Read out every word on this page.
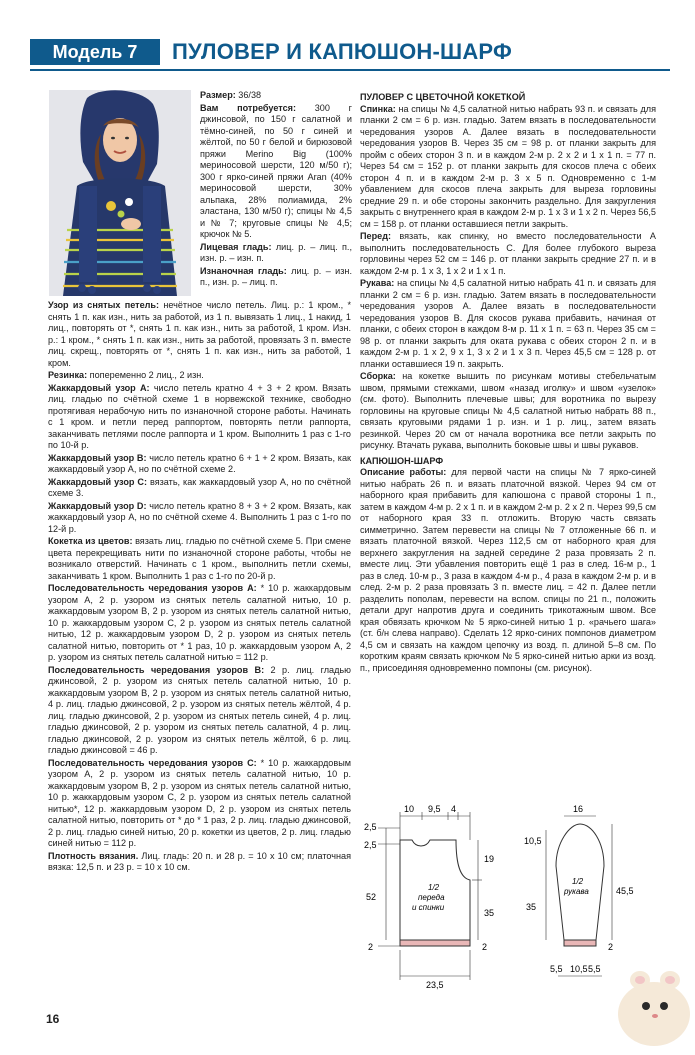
Модель 7	ПУЛОВЕР И КАПЮШОН-ШАРФ

Размер: 36/38

Вам потребуется: 300 г джинсовой, по 150 г салатной и тёмно-синей, по 50 г синей и жёлтой, по 50 г белой и бирюзовой пряжи Merino Big (100% мериносовой шерсти, 120 м/50 г); 300 г ярко-синей пряжи Aran (40% мериносовой шерсти, 30% альпака, 28% полиамида, 2% эластана, 130 м/50 г); спицы № 4,5 и № 7; круговые спицы № 4,5; крючок № 5.

Лицевая гладь: лиц. р. – лиц. п., изн. р. – изн. п.

Изнаночная гладь: лиц. р. – изн. п., изн. р. – лиц. п.

Узор из снятых петель: нечётное число петель. Лиц. р.: 1 кром., * снять 1 п. как изн., нить за работой, из 1 п. вывязать 1 лиц., 1 накид, 1 лиц., повторять от *, снять 1 п. как изн., нить за работой, 1 кром. Изн. р.: 1 кром., * снять 1 п. как изн., нить за работой, провязать 3 п. вместе лиц. скрещ., повторять от *, снять 1 п. как изн., нить за работой, 1 кром.

Резинка: попеременно 2 лиц., 2 изн.

Жаккардовый узор A: число петель кратно 4 + 3 + 2 кром. Вязать лиц. гладью по счётной схеме 1 в норвежской технике, свободно протягивая нерабочую нить по изнаночной стороне работы. Начинать с 1 кром. и петли перед раппортом, повторять петли раппорта, заканчивать петлями после раппорта и 1 кром. Выполнить 1 раз с 1-го по 10-й р.

Жаккардовый узор B: число петель кратно 6 + 1 + 2 кром. Вязать, как жаккардовый узор A, но по счётной схеме 2.

Жаккардовый узор C: вязать, как жаккардовый узор A, но по счётной схеме 3.

Жаккардовый узор D: число петель кратно 8 + 3 + 2 кром. Вязать, как жаккардовый узор A, но по счётной схеме 4. Выполнить 1 раз с 1-го по 12-й р.

Кокетка из цветов: вязать лиц. гладью по счётной схеме 5. При смене цвета перекрещивать нити по изнаночной стороне работы, чтобы не возникало отверстий. Начинать с 1 кром., выполнить петли схемы, заканчивать 1 кром. Выполнить 1 раз с 1-го по 20-й р.

Последовательность чередования узоров A: * 10 р. жаккардовым узором A, 2 р. узором из снятых петель салатной нитью, 10 р. жаккардовым узором B, 2 р. узором из снятых петель салатной нитью, 10 р. жаккардовым узором C, 2 р. узором из снятых петель салатной нитью, 12 р. жаккардовым узором D, 2 р. узором из снятых петель салатной нитью, повторить от * 1 раз, 10 р. жаккардовым узором A, 2 р. узором из снятых петель салатной нитью = 112 р.

Последовательность чередования узоров B: 2 р. лиц. гладью джинсовой, 2 р. узором из снятых петель салатной нитью, 10 р. жаккардовым узором B, 2 р. узором из снятых петель салатной нитью, 4 р. лиц. гладью джинсовой, 2 р. узором из снятых петель жёлтой, 4 р. лиц. гладью джинсовой, 2 р. узором из снятых петель синей, 4 р. лиц. гладью джинсовой, 2 р. узором из снятых петель салатной, 4 р. лиц. гладью джинсовой, 2 р. узором из снятых петель жёлтой, 6 р. лиц. гладью джинсовой = 46 р.

Последовательность чередования узоров C: * 10 р. жаккардовым узором A, 2 р. узором из снятых петель салатной нитью, 10 р. жаккардовым узором B, 2 р. узором из снятых петель салатной нитью, 10 р. жаккардовым узором C, 2 р. узором из снятых петель салатной нитью*, 12 р. жаккардовым узором D, 2 р. узором из снятых петель салатной нитью, повторить от * до * 1 раз, 2 р. лиц. гладью джинсовой, 2 р. лиц. гладью синей нитью, 20 р. кокетки из цветов, 2 р. лиц. гладью синей нитью = 112 р.

Плотность вязания. Лиц. гладь: 20 п. и 28 р. = 10 х 10 см; платочная вязка: 12,5 п. и 23 р. = 10 х 10 см.

ПУЛОВЕР С ЦВЕТОЧНОЙ КОКЕТКОЙ

Спинка: на спицы № 4,5 салатной нитью набрать 93 п. и связать для планки 2 см = 6 р. изн. гладью. Затем вязать в последовательности чередования узоров A. Далее вязать в последовательности чередования узоров B. Через 35 см = 98 р. от планки закрыть для пройм с обеих сторон 3 п. и в каждом 2-м р. 2 х 2 и 1 х 1 п. = 77 п. Через 54 см = 152 р. от планки закрыть для скосов плеча с обеих сторон 4 п. и в каждом 2-м р. 3 х 5 п. Одновременно с 1-м убавлением для скосов плеча закрыть для выреза горловины средние 29 п. и обе стороны закончить раздельно. Для закругления закрыть с внутреннего края в каждом 2-м р. 1 х 3 и 1 х 2 п. Через 56,5 см = 158 р. от планки оставшиеся петли закрыть.

Перед: вязать, как спинку, но вместо последовательности A выполнить последовательность C. Для более глубокого выреза горловины через 52 см = 146 р. от планки закрыть средние 27 п. и в каждом 2-м р. 1 х 3, 1 х 2 и 1 х 1 п.

Рукава: на спицы № 4,5 салатной нитью набрать 41 п. и связать для планки 2 см = 6 р. изн. гладью. Затем вязать в последовательности чередования узоров A. Далее вязать в последовательности чередования узоров B. Для скосов рукава прибавить, начиная от планки, с обеих сторон в каждом 8-м р. 11 х 1 п. = 63 п. Через 35 см = 98 р. от планки закрыть для оката рукава с обеих сторон 2 п. и в каждом 2-м р. 1 х 2, 9 х 1, 3 х 2 и 1 х 3 п. Через 45,5 см = 128 р. от планки оставшиеся 19 п. закрыть.

Сборка: на кокетке вышить по рисункам мотивы стебельчатым швом, прямыми стежками, швом «назад иголку» и швом «узелок» (см. фото). Выполнить плечевые швы; для воротника по вырезу горловины на круговые спицы № 4,5 салатной нитью набрать 88 п., связать круговыми рядами 1 р. изн. и 1 р. лиц., затем вязать резинкой. Через 20 см от начала воротника все петли закрыть по рисунку. Втачать рукава, выполнить боковые швы и швы рукавов.

КАПЮШОН-ШАРФ

Описание работы: для первой части на спицы № 7 ярко-синей нитью набрать 26 п. и вязать платочной вязкой. Через 94 см от наборного края прибавить для капюшона с правой стороны 1 п., затем в каждом 4-м р. 2 х 1 п. и в каждом 2-м р. 2 х 2 п. Через 99,5 см от наборного края 33 п. отложить. Вторую часть связать симметрично. Затем перевести на спицы № 7 отложенные 66 п. и вязать платочной вязкой. Через 112,5 см от наборного края для верхнего закругления на задней середине 2 раза провязать 2 п. вместе лиц. Эти убавления повторить ещё 1 раз в след. 16-м р., 1 раз в след. 10-м р., 3 раза в каждом 4-м р., 4 раза в каждом 2-м р. и в след. 2-м р. 2 раза провязать 3 п. вместе лиц. = 42 п. Далее петли разделить пополам, перевести на вспом. спицы по 21 п., положить детали друг напротив друга и соединить трикотажным швом. Все края обвязать крючком № 5 ярко-синей нитью 1 р. «рачьего шага» (ст. б/н слева направо). Сделать 12 ярко-синих помпонов диаметром 4,5 см и связать на каждом цепочку из возд. п. длиной 5–8 см. По коротким краям связать крючком № 5 ярко-синей нитью арки из возд. п., присоединяя одновременно помпоны (см. рисунок).

10 9,5 4
2,5
2,5
52
2
19
35
2
23,5
1/2
переда
и спинки
16
10,5
35
45,5
2
5,5 10,5 5,5
1/2
рукава
16
